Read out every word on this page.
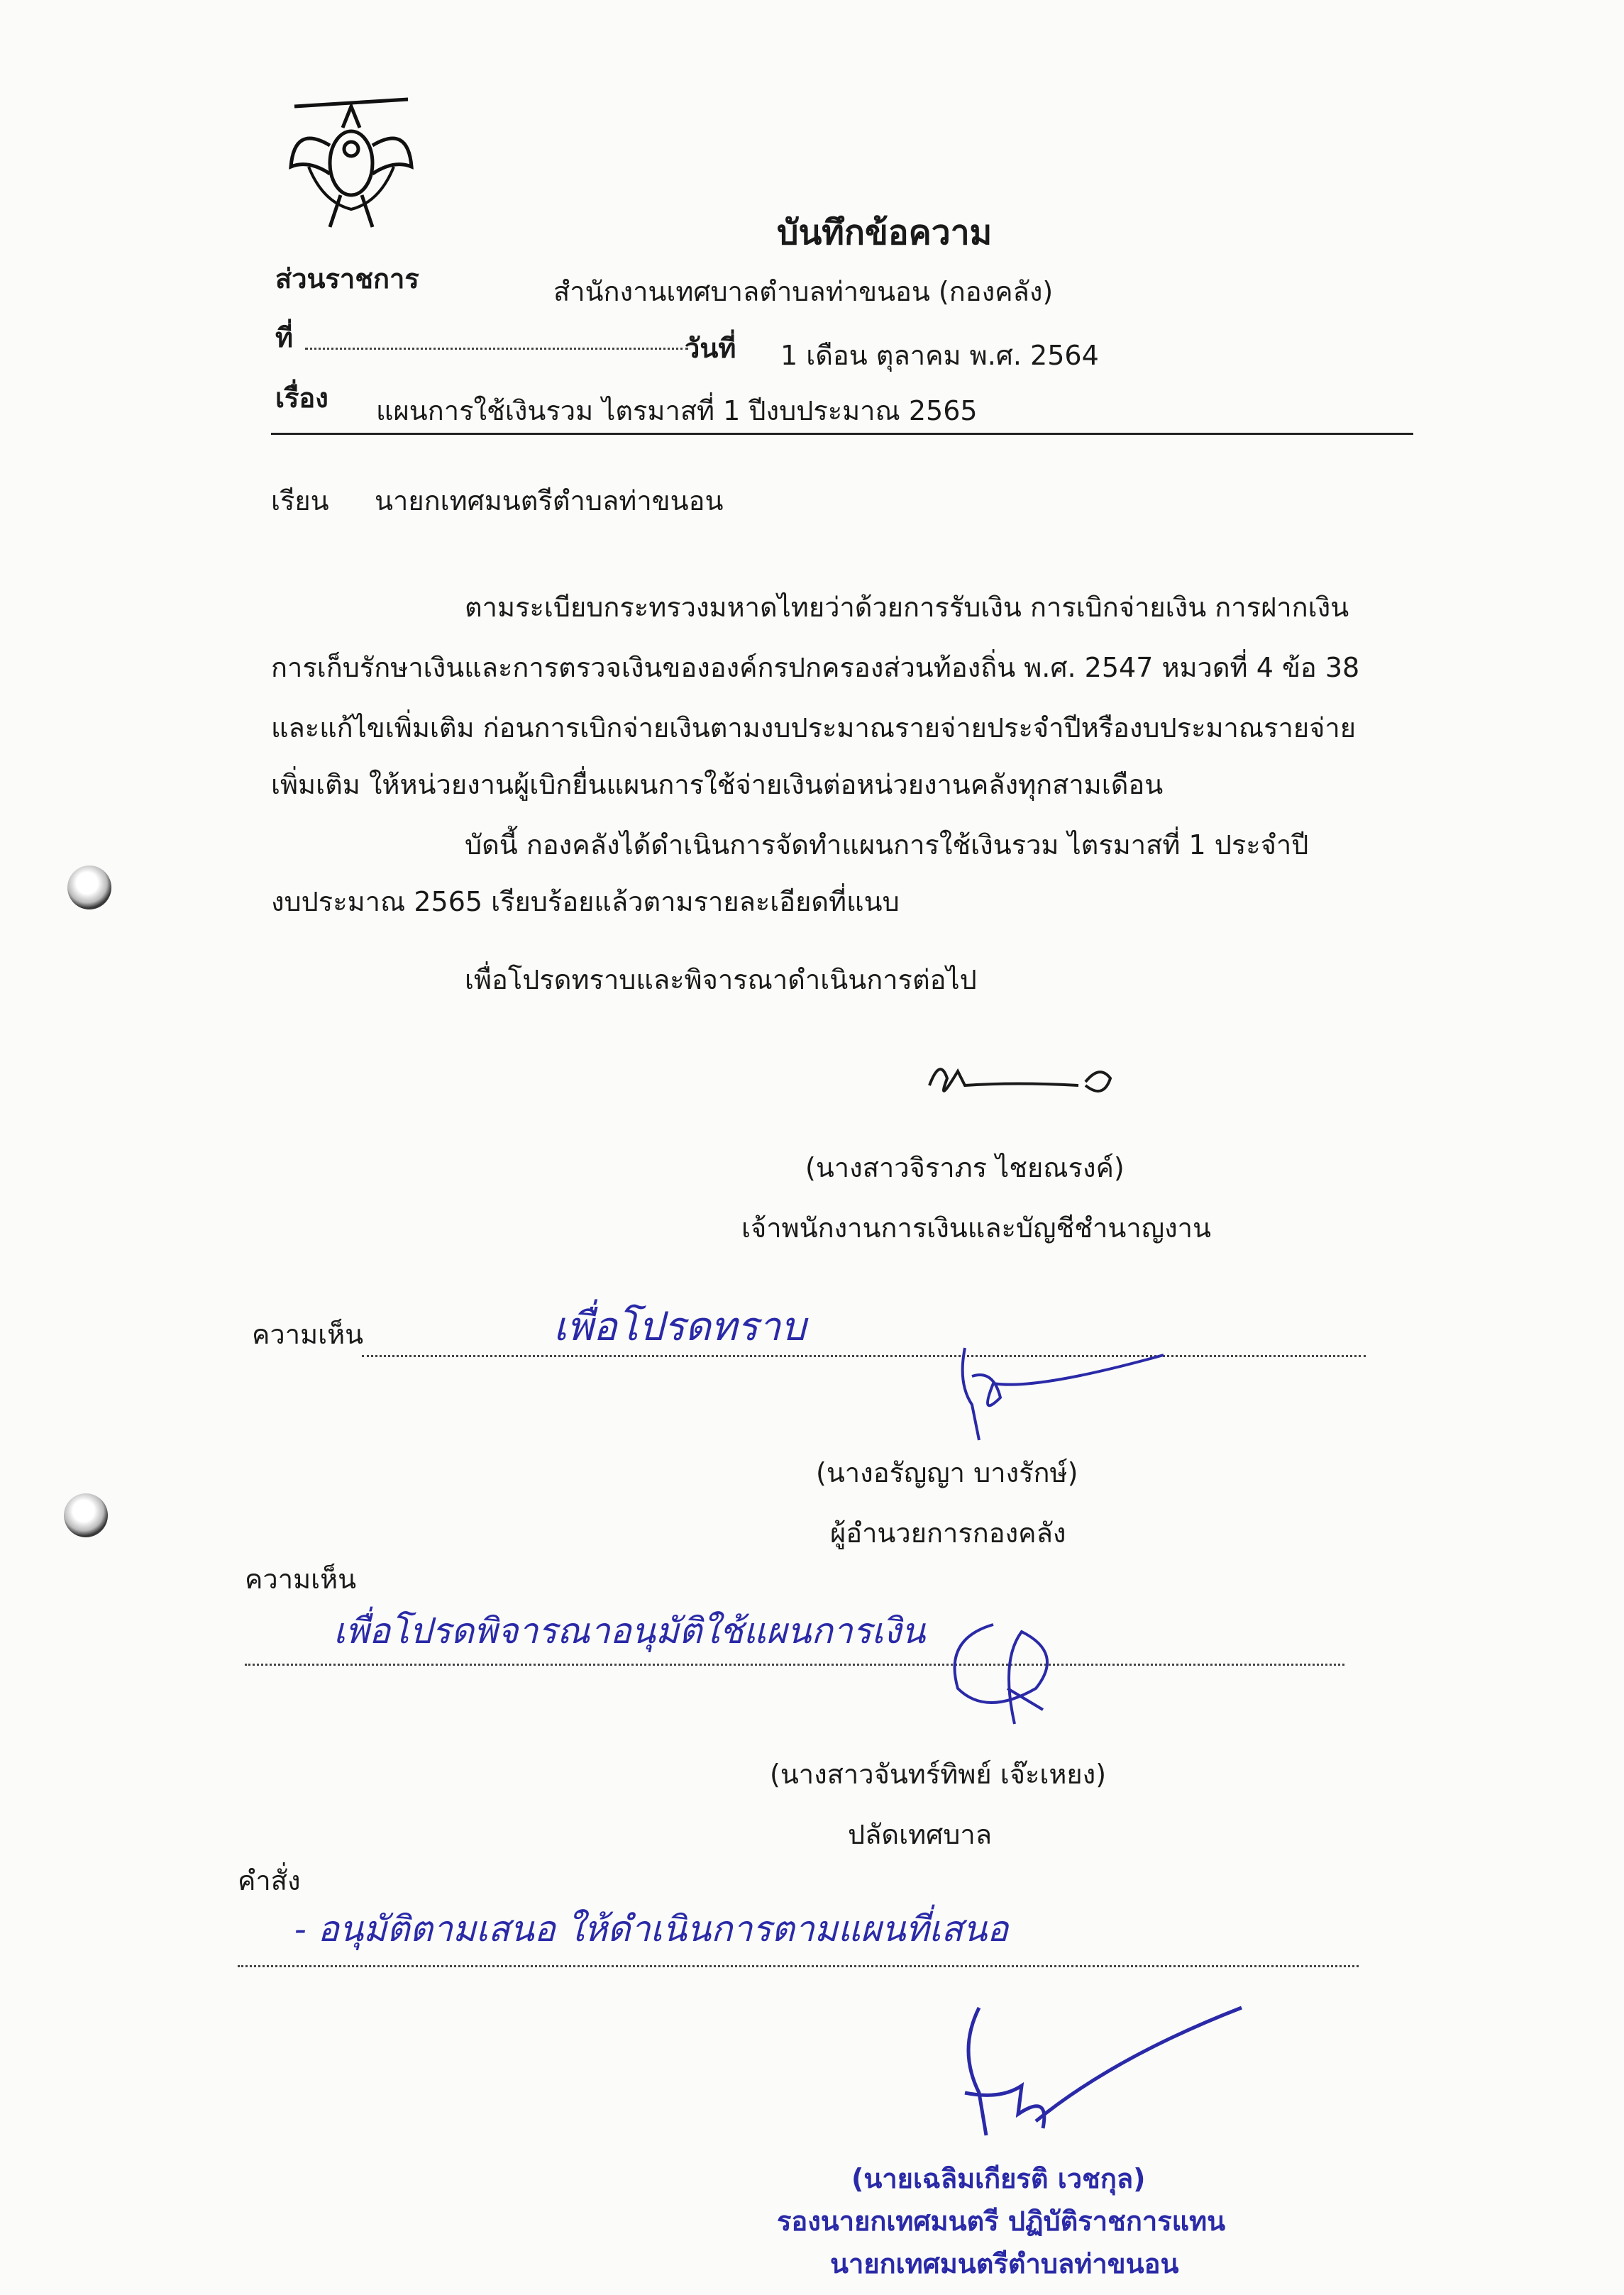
บันทึกข้อความ
ส่วนราชการ	สำนักงานเทศบาลตำบลท่าขนอน (กองคลัง)
ที่	วันที่ 1 เดือน ตุลาคม พ.ศ. 2564
เรื่อง แผนการใช้เงินรวม ไตรมาสที่ 1 ปีงบประมาณ 2565
เรียน นายกเทศมนตรีตำบลท่าขนอน
ตามระเบียบกระทรวงมหาดไทยว่าด้วยการรับเงิน การเบิกจ่ายเงิน การฝากเงิน
การเก็บรักษาเงินและการตรวจเงินขององค์กรปกครองส่วนท้องถิ่น พ.ศ. 2547 หมวดที่ 4 ข้อ 38
และแก้ไขเพิ่มเติม ก่อนการเบิกจ่ายเงินตามงบประมาณรายจ่ายประจำปีหรืองบประมาณรายจ่าย
เพิ่มเติม ให้หน่วยงานผู้เบิกยื่นแผนการใช้จ่ายเงินต่อหน่วยงานคลังทุกสามเดือน
บัดนี้ กองคลังได้ดำเนินการจัดทำแผนการใช้เงินรวม ไตรมาสที่ 1 ประจำปี
งบประมาณ 2565 เรียบร้อยแล้วตามรายละเอียดที่แนบ
เพื่อโปรดทราบและพิจารณาดำเนินการต่อไป
(นางสาวจิราภร ไชยณรงค์)
เจ้าพนักงานการเงินและบัญชีชำนาญงาน
ความเห็น	เพื่อโปรดทราบ
(นางอรัญญา บางรักษ์)
ผู้อำนวยการกองคลัง
ความเห็น
เพื่อโปรดพิจารณาอนุมัติใช้แผนการเงิน
(นางสาวจันทร์ทิพย์ เจ๊ะเหยง)
ปลัดเทศบาล
คำสั่ง
- อนุมัติตามเสนอ ให้ดำเนินการตามแผนที่เสนอ
(นายเฉลิมเกียรติ เวชกุล)
รองนายกเทศมนตรี ปฏิบัติราชการแทน
นายกเทศมนตรีตำบลท่าขนอน
